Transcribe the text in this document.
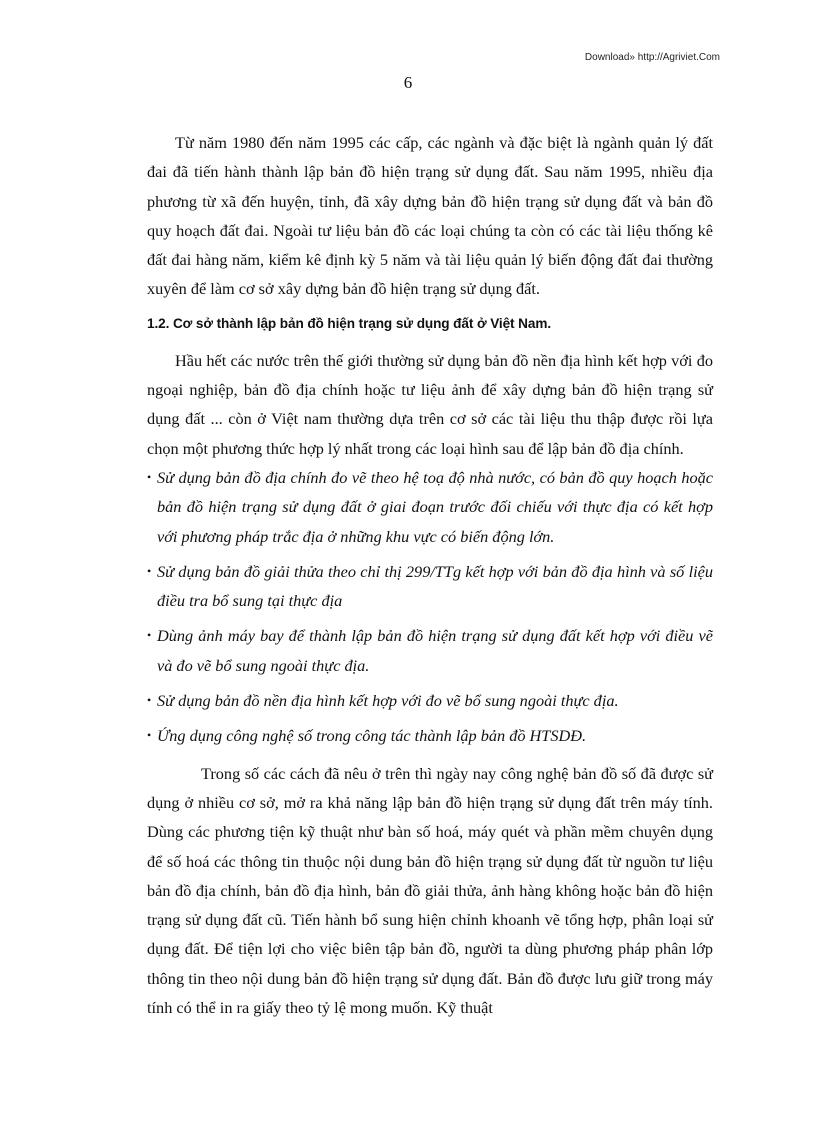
Download» http://Agriviet.Com
6

Từ năm 1980 đến năm 1995 các cấp, các ngành và đặc biệt là ngành quản lý đất đai đã tiến hành thành lập bản đồ hiện trạng sử dụng đất. Sau năm 1995, nhiều địa phương từ xã đến huyện, tỉnh, đã xây dựng bản đồ hiện trạng sử dụng đất và bản đồ quy hoạch đất đai. Ngoài tư liệu bản đồ các loại chúng ta còn có các tài liệu thống kê đất đai hàng năm, kiểm kê định kỳ 5 năm và tài liệu quản lý biến động đất đai thường xuyên để làm cơ sở xây dựng bản đồ hiện trạng sử dụng đất.

1.2. Cơ sở thành lập bản đồ hiện trạng sử dụng đất ở Việt Nam.

Hầu hết các nước trên thế giới thường sử dụng bản đồ nền địa hình kết hợp với đo ngoại nghiệp, bản đồ địa chính hoặc tư liệu ảnh để xây dựng bản đồ hiện trạng sử dụng đất ... còn ở Việt nam thường dựa trên cơ sở các tài liệu thu thập được rồi lựa chọn một phương thức hợp lý nhất trong các loại hình sau để lập bản đồ địa chính.

• Sử dụng bản đồ địa chính đo vẽ theo hệ toạ độ nhà nước, có bản đồ quy hoạch hoặc bản đồ hiện trạng sử dụng đất ở giai đoạn trước đối chiếu với thực địa có kết hợp với phương pháp trắc địa ở những khu vực có biến động lớn.
• Sử dụng bản đồ giải thửa theo chỉ thị 299/TTg kết hợp với bản đồ địa hình và số liệu điều tra bổ sung tại thực địa
• Dùng ảnh máy bay để thành lập bản đồ hiện trạng sử dụng đất kết hợp với điều vẽ và đo vẽ bổ sung ngoài thực địa.
• Sử dụng bản đồ nền địa hình kết hợp với đo vẽ bổ sung ngoài thực địa.
• Ứng dụng công nghệ số trong công tác thành lập bản đồ HTSDĐ.

Trong số các cách đã nêu ở trên thì ngày nay công nghệ bản đồ số đã được sử dụng ở nhiều cơ sở, mở ra khả năng lập bản đồ hiện trạng sử dụng đất trên máy tính. Dùng các phương tiện kỹ thuật như bàn số hoá, máy quét và phần mềm chuyên dụng để số hoá các thông tin thuộc nội dung bản đồ hiện trạng sử dụng đất từ nguồn tư liệu bản đồ địa chính, bản đồ địa hình, bản đồ giải thửa, ảnh hàng không hoặc bản đồ hiện trạng sử dụng đất cũ. Tiến hành bổ sung hiện chỉnh khoanh vẽ tổng hợp, phân loại sử dụng đất. Để tiện lợi cho việc biên tập bản đồ, người ta dùng phương pháp phân lớp thông tin theo nội dung bản đồ hiện trạng sử dụng đất. Bản đồ được lưu giữ trong máy tính có thể in ra giấy theo tỷ lệ mong muốn. Kỹ thuật
